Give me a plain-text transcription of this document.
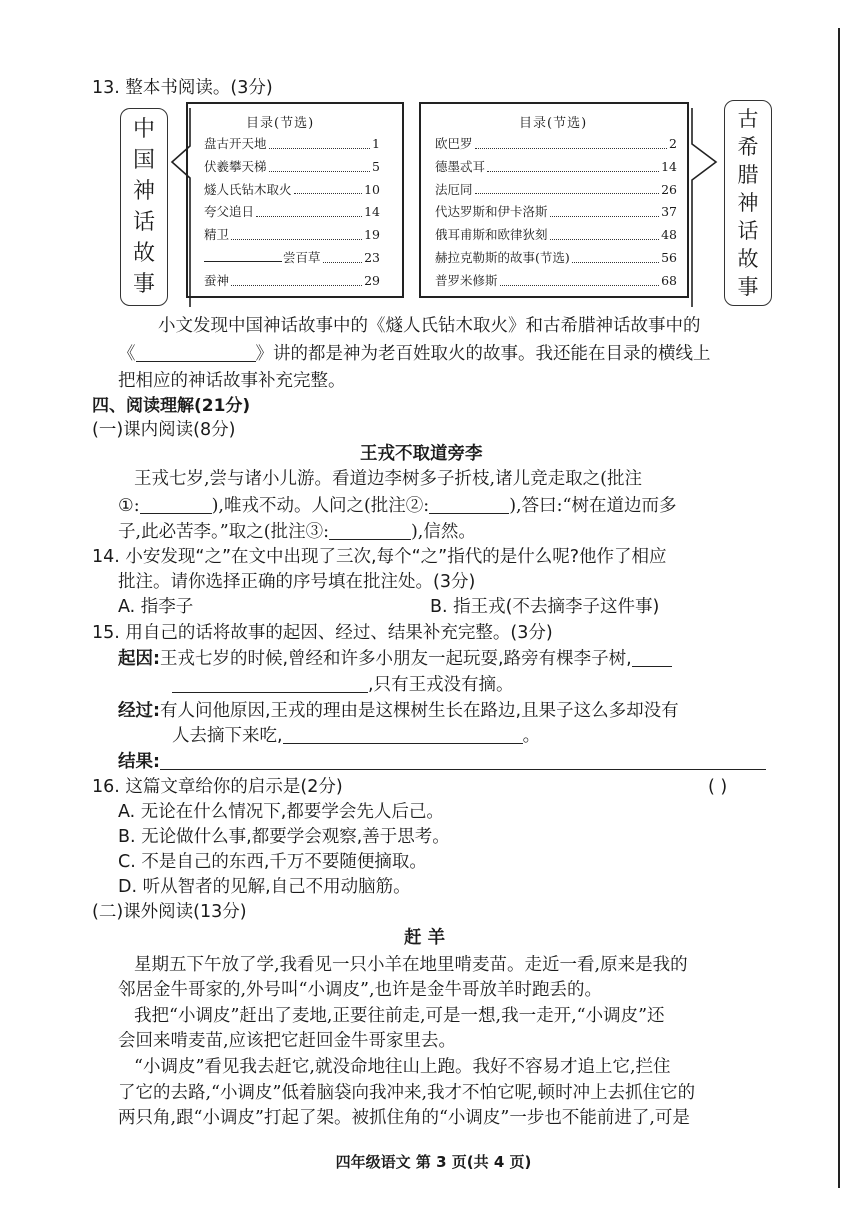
13. 整本书阅读。(3分)
中
国
神
话
故
事
目录(节选)
盘古开天地	1
伏羲攀天梯	5
燧人氏钻木取火	10
夸父追日	14
精卫	19
尝百草	23
蚕神	29
目录(节选)
欧巴罗	2
德墨忒耳	14
法厄同	26
代达罗斯和伊卡洛斯	37
俄耳甫斯和欧律狄刻	48
赫拉克勒斯的故事(节选)	56
普罗米修斯	68
古
希
腊
神
话
故
事
小文发现中国神话故事中的《燧人氏钻木取火》和古希腊神话故事中的
《	》讲的都是神为老百姓取火的故事。我还能在目录的横线上
把相应的神话故事补充完整。
四、阅读理解(21分)
(一)课内阅读(8分)
王戎不取道旁李
王戎七岁,尝与诸小儿游。看道边李树多子折枝,诸儿竞走取之(批注
①:	),唯戎不动。人问之(批注②:	),答曰:“树在道边而多
子,此必苦李。”取之(批注③:	),信然。
14. 小安发现“之”在文中出现了三次,每个“之”指代的是什么呢?他作了相应
批注。请你选择正确的序号填在批注处。(3分)
A. 指李子	B. 指王戎(不去摘李子这件事)
15. 用自己的话将故事的起因、经过、结果补充完整。(3分)
起因:王戎七岁的时候,曾经和许多小朋友一起玩耍,路旁有棵李子树,
,只有王戎没有摘。
经过:有人问他原因,王戎的理由是这棵树生长在路边,且果子这么多却没有
人去摘下来吃,	。
结果:
16. 这篇文章给你的启示是(2分)	( )
A. 无论在什么情况下,都要学会先人后己。
B. 无论做什么事,都要学会观察,善于思考。
C. 不是自己的东西,千万不要随便摘取。
D. 听从智者的见解,自己不用动脑筋。
(二)课外阅读(13分)
赶 羊
星期五下午放了学,我看见一只小羊在地里啃麦苗。走近一看,原来是我的
邻居金牛哥家的,外号叫“小调皮”,也许是金牛哥放羊时跑丢的。
我把“小调皮”赶出了麦地,正要往前走,可是一想,我一走开,“小调皮”还
会回来啃麦苗,应该把它赶回金牛哥家里去。
“小调皮”看见我去赶它,就没命地往山上跑。我好不容易才追上它,拦住
了它的去路,“小调皮”低着脑袋向我冲来,我才不怕它呢,顿时冲上去抓住它的
两只角,跟“小调皮”打起了架。被抓住角的“小调皮”一步也不能前进了,可是
四年级语文 第 3 页(共 4 页)
